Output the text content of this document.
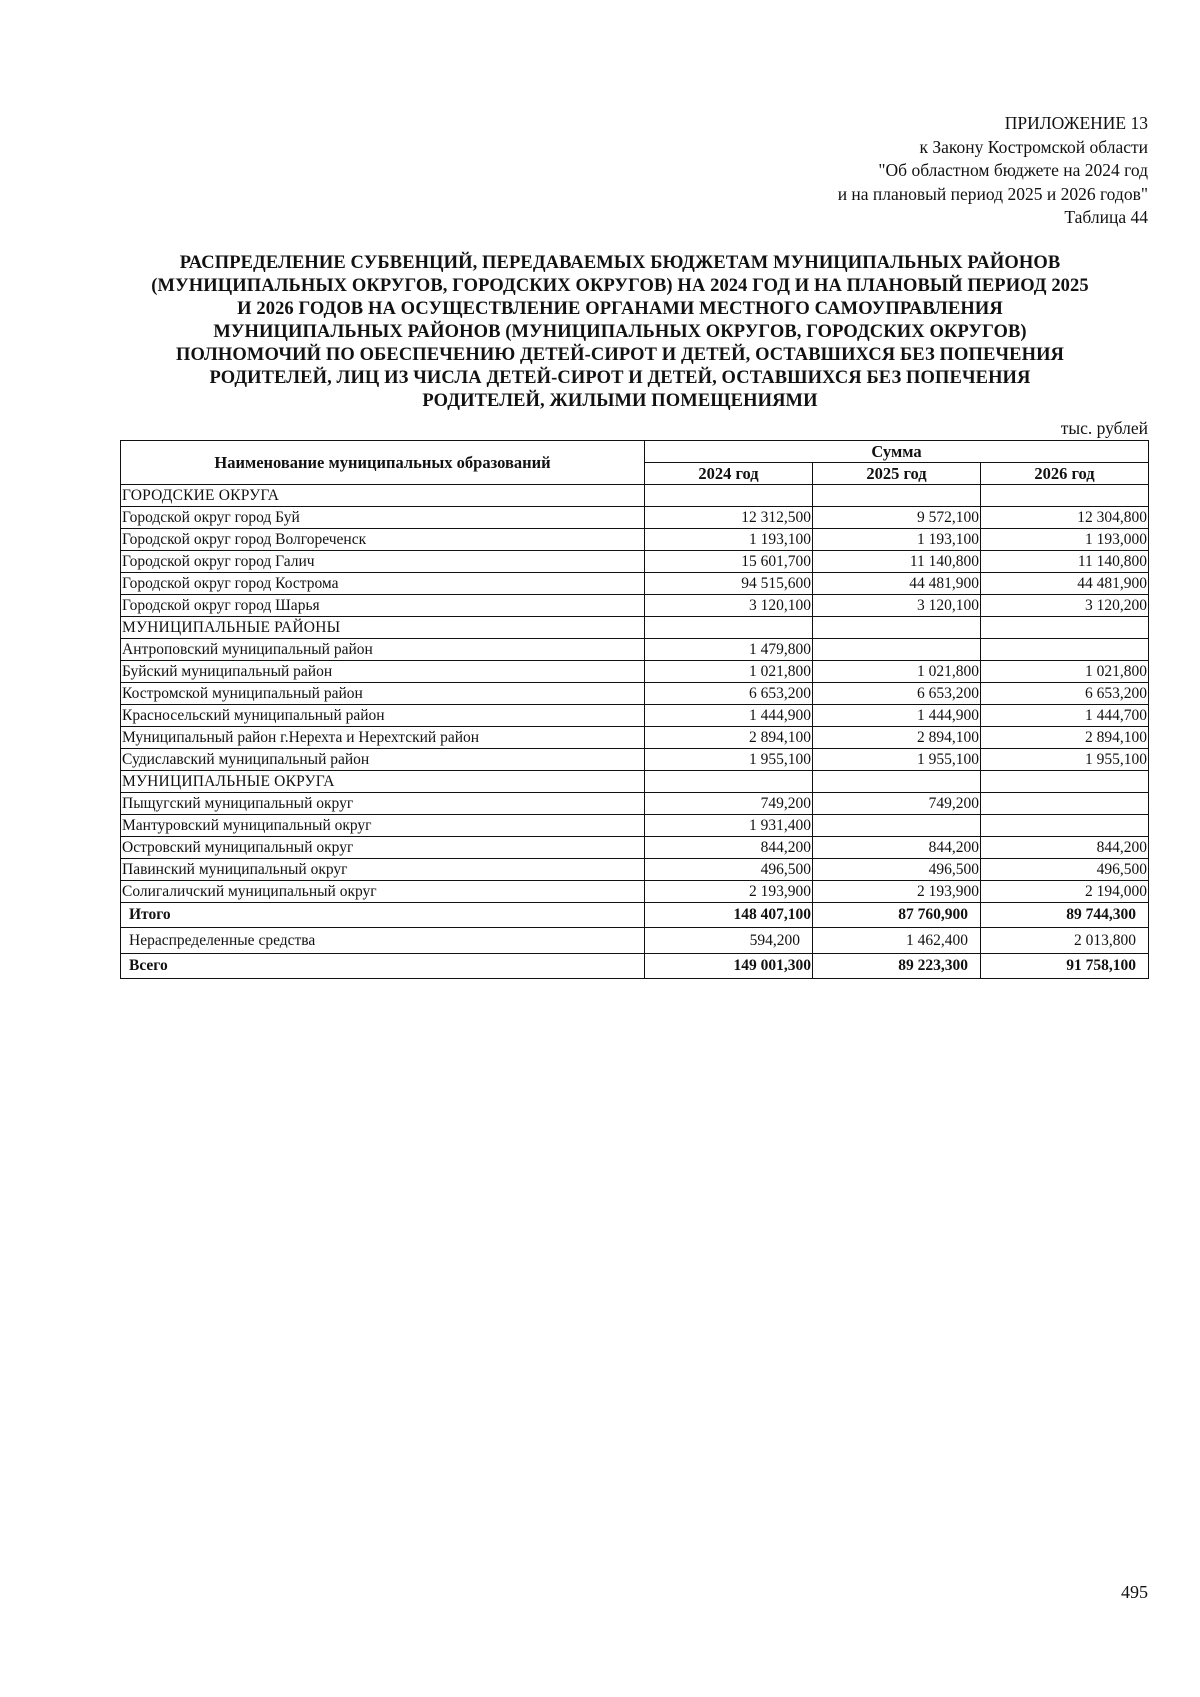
ПРИЛОЖЕНИЕ 13
к Закону Костромской области
"Об областном бюджете на 2024 год
и на плановый период 2025 и 2026 годов"
Таблица 44
РАСПРЕДЕЛЕНИЕ СУБВЕНЦИЙ, ПЕРЕДАВАЕМЫХ БЮДЖЕТАМ МУНИЦИПАЛЬНЫХ РАЙОНОВ
(МУНИЦИПАЛЬНЫХ ОКРУГОВ, ГОРОДСКИХ ОКРУГОВ) НА 2024 ГОД И НА ПЛАНОВЫЙ ПЕРИОД 2025
И 2026 ГОДОВ НА ОСУЩЕСТВЛЕНИЕ ОРГАНАМИ МЕСТНОГО САМОУПРАВЛЕНИЯ
МУНИЦИПАЛЬНЫХ РАЙОНОВ (МУНИЦИПАЛЬНЫХ ОКРУГОВ, ГОРОДСКИХ ОКРУГОВ)
ПОЛНОМОЧИЙ ПО ОБЕСПЕЧЕНИЮ ДЕТЕЙ-СИРОТ И ДЕТЕЙ, ОСТАВШИХСЯ БЕЗ ПОПЕЧЕНИЯ
РОДИТЕЛЕЙ, ЛИЦ ИЗ ЧИСЛА ДЕТЕЙ-СИРОТ И ДЕТЕЙ, ОСТАВШИХСЯ БЕЗ ПОПЕЧЕНИЯ
РОДИТЕЛЕЙ, ЖИЛЫМИ ПОМЕЩЕНИЯМИ
тыс. рублей
Наименование муниципальных образований	Сумма		
	2024 год	2025 год	2026 год
ГОРОДСКИЕ ОКРУГА			
Городской округ город Буй	12 312,500	9 572,100	12 304,800
Городской округ город Волгореченск	1 193,100	1 193,100	1 193,000
Городской округ город Галич	15 601,700	11 140,800	11 140,800
Городской округ город Кострома	94 515,600	44 481,900	44 481,900
Городской округ город Шарья	3 120,100	3 120,100	3 120,200
МУНИЦИПАЛЬНЫЕ РАЙОНЫ			
Антроповский муниципальный район	1 479,800		
Буйский муниципальный район	1 021,800	1 021,800	1 021,800
Костромской муниципальный район	6 653,200	6 653,200	6 653,200
Красносельский муниципальный район	1 444,900	1 444,900	1 444,700
Муниципальный район г.Нерехта и Нерехтский район	2 894,100	2 894,100	2 894,100
Судиславский муниципальный район	1 955,100	1 955,100	1 955,100
МУНИЦИПАЛЬНЫЕ ОКРУГА			
Пыщугский муниципальный округ	749,200	749,200	
Мантуровский муниципальный округ	1 931,400		
Островский муниципальный округ	844,200	844,200	844,200
Павинский муниципальный округ	496,500	496,500	496,500
Солигаличский муниципальный округ	2 193,900	2 193,900	2 194,000
Итого	148 407,100	87 760,900	89 744,300
Нераспределенные средства	594,200	1 462,400	2 013,800
Всего	149 001,300	89 223,300	91 758,100
495
